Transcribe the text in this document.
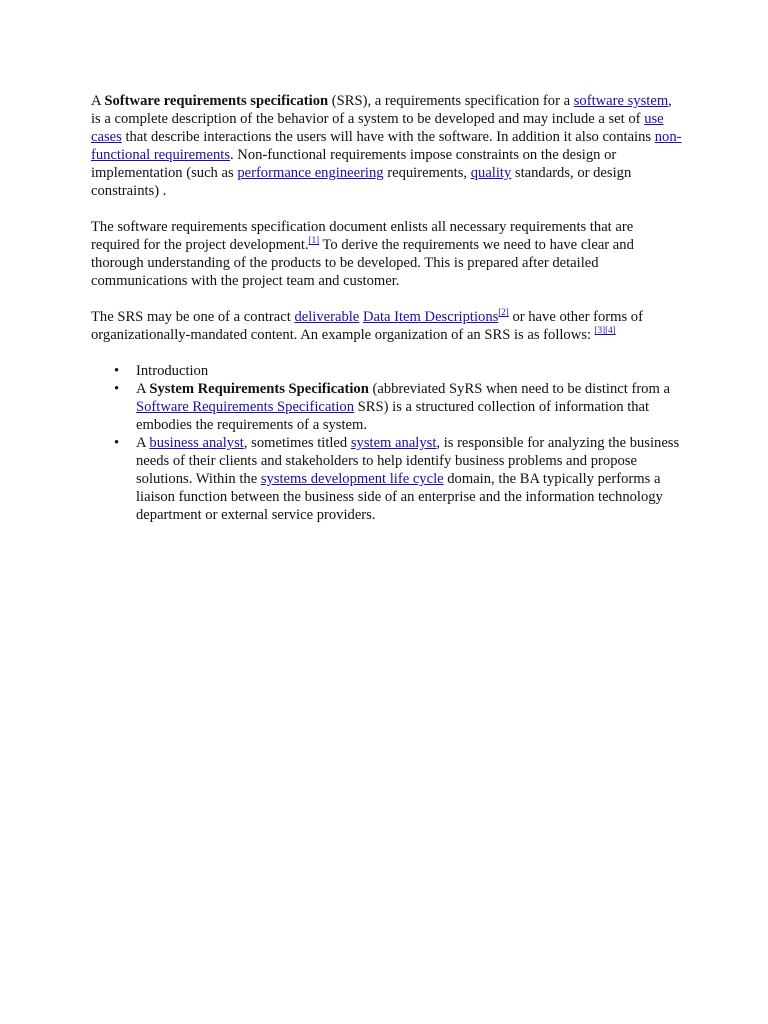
A Software requirements specification (SRS), a requirements specification for a software system, is a complete description of the behavior of a system to be developed and may include a set of use cases that describe interactions the users will have with the software. In addition it also contains non-functional requirements. Non-functional requirements impose constraints on the design or implementation (such as performance engineering requirements, quality standards, or design constraints) .

The software requirements specification document enlists all necessary requirements that are required for the project development.[1] To derive the requirements we need to have clear and thorough understanding of the products to be developed. This is prepared after detailed communications with the project team and customer.

The SRS may be one of a contract deliverable Data Item Descriptions[2] or have other forms of organizationally-mandated content. An example organization of an SRS is as follows: [3][4]

• Introduction
• A System Requirements Specification (abbreviated SyRS when need to be distinct from a Software Requirements Specification SRS) is a structured collection of information that embodies the requirements of a system.
• A business analyst, sometimes titled system analyst, is responsible for analyzing the business needs of their clients and stakeholders to help identify business problems and propose solutions. Within the systems development life cycle domain, the BA typically performs a liaison function between the business side of an enterprise and the information technology department or external service providers.
